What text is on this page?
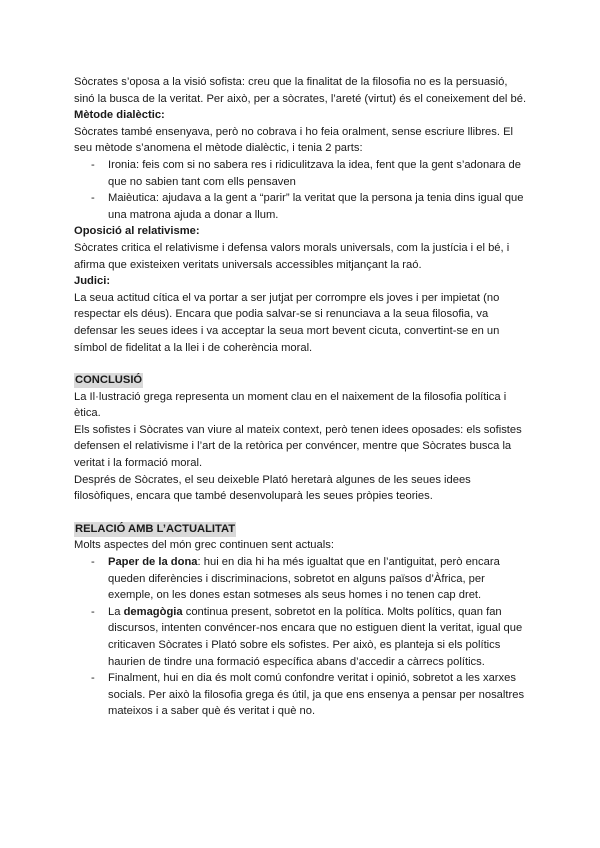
Sòcrates s’oposa a la visió sofista: creu que la finalitat de la filosofia no es la persuasió, sinó la busca de la veritat. Per això, per a sòcrates, l’areté (virtut) és el coneixement del bé.

Mètode dialèctic:

Sòcrates també ensenyava, però no cobrava i ho feia oralment, sense escriure llibres. El seu mètode s’anomena el mètode dialèctic, i tenia 2 parts:

- Ironia: feis com si no sabera res i ridiculitzava la idea, fent que la gent s’adonara de que no sabien tant com ells pensaven
- Maièutica: ajudava a la gent a “parir” la veritat que la persona ja tenia dins igual que una matrona ajuda a donar a llum.

Oposició al relativisme:

Sòcrates critica el relativisme i defensa valors morals universals, com la justícia i el bé, i afirma que existeixen veritats universals accessibles mitjançant la raó.

Judici:

La seua actitud cítica el va portar a ser jutjat per corrompre els joves i per impietat (no respectar els déus). Encara que podia salvar-se si renunciava a la seua filosofia, va defensar les seues idees i va acceptar la seua mort bevent cicuta, convertint-se en un símbol de fidelitat a la llei i de coherència moral.

CONCLUSIÓ

La Il·lustració grega representa un moment clau en el naixement de la filosofia política i ètica.

Els sofistes i Sòcrates van viure al mateix context, però tenen idees oposades: els sofistes defensen el relativisme i l’art de la retòrica per convéncer, mentre que Sòcrates busca la veritat i la formació moral.

Després de Sòcrates, el seu deixeble Plató heretarà algunes de les seues idees filosòfiques, encara que també desenvoluparà les seues pròpies teories.

RELACIÓ AMB L’ACTUALITAT

Molts aspectes del món grec continuen sent actuals:

- Paper de la dona: hui en dia hi ha més igualtat que en l’antiguitat, però encara queden diferències i discriminacions, sobretot en alguns països d’Àfrica, per exemple, on les dones estan sotmeses als seus homes i no tenen cap dret.
- La demagògia continua present, sobretot en la política. Molts polítics, quan fan discursos, intenten convéncer-nos encara que no estiguen dient la veritat, igual que criticaven Sòcrates i Plató sobre els sofistes. Per això, es planteja si els polítics haurien de tindre una formació específica abans d’accedir a càrrecs polítics.
- Finalment, hui en dia és molt comú confondre veritat i opinió, sobretot a les xarxes socials. Per això la filosofia grega és útil, ja que ens ensenya a pensar per nosaltres mateixos i a saber què és veritat i què no.
